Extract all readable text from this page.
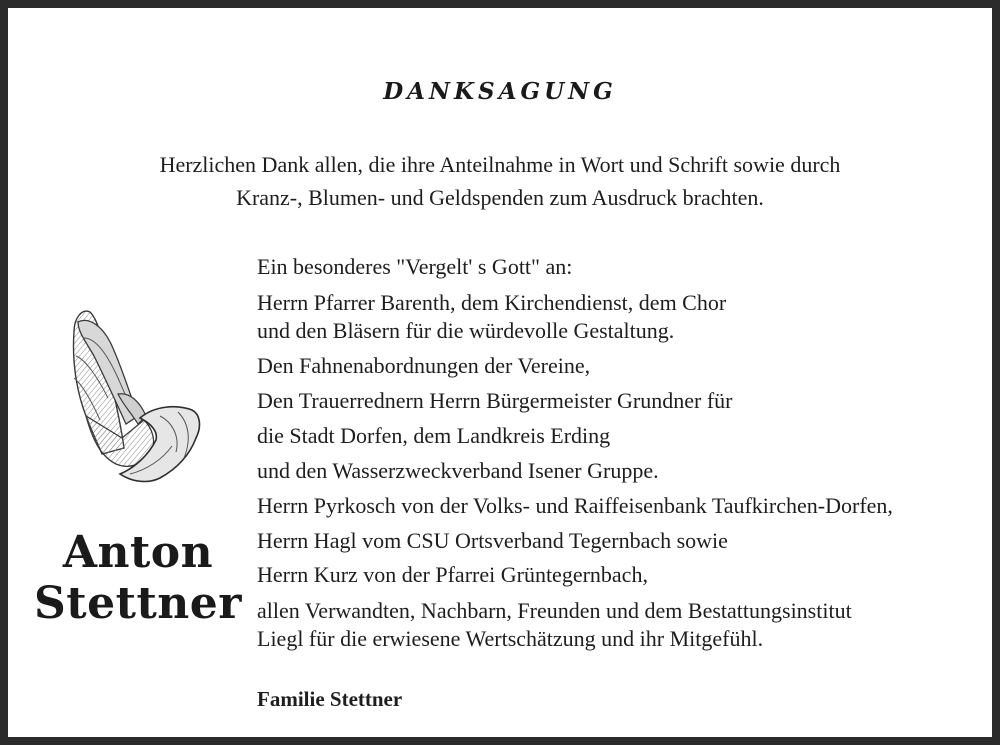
DANKSAGUNG
Herzlichen Dank allen, die ihre Anteilnahme in Wort und Schrift sowie durch
Kranz-, Blumen- und Geldspenden zum Ausdruck brachten.
Anton
Stettner
Ein besonderes "Vergelt' s Gott" an:
Herrn Pfarrer Barenth, dem Kirchendienst, dem Chor
und den Bläsern für die würdevolle Gestaltung.
Den Fahnenabordnungen der Vereine,
Den Trauerrednern Herrn Bürgermeister Grundner für
die Stadt Dorfen, dem Landkreis Erding
und den Wasserzweckverband Isener Gruppe.
Herrn Pyrkosch von der Volks- und Raiffeisenbank Taufkirchen-Dorfen,
Herrn Hagl vom CSU Ortsverband Tegernbach sowie
Herrn Kurz von der Pfarrei Grüntegernbach,
allen Verwandten, Nachbarn, Freunden und dem Bestattungsinstitut
Liegl für die erwiesene Wertschätzung und ihr Mitgefühl.
Familie Stettner
